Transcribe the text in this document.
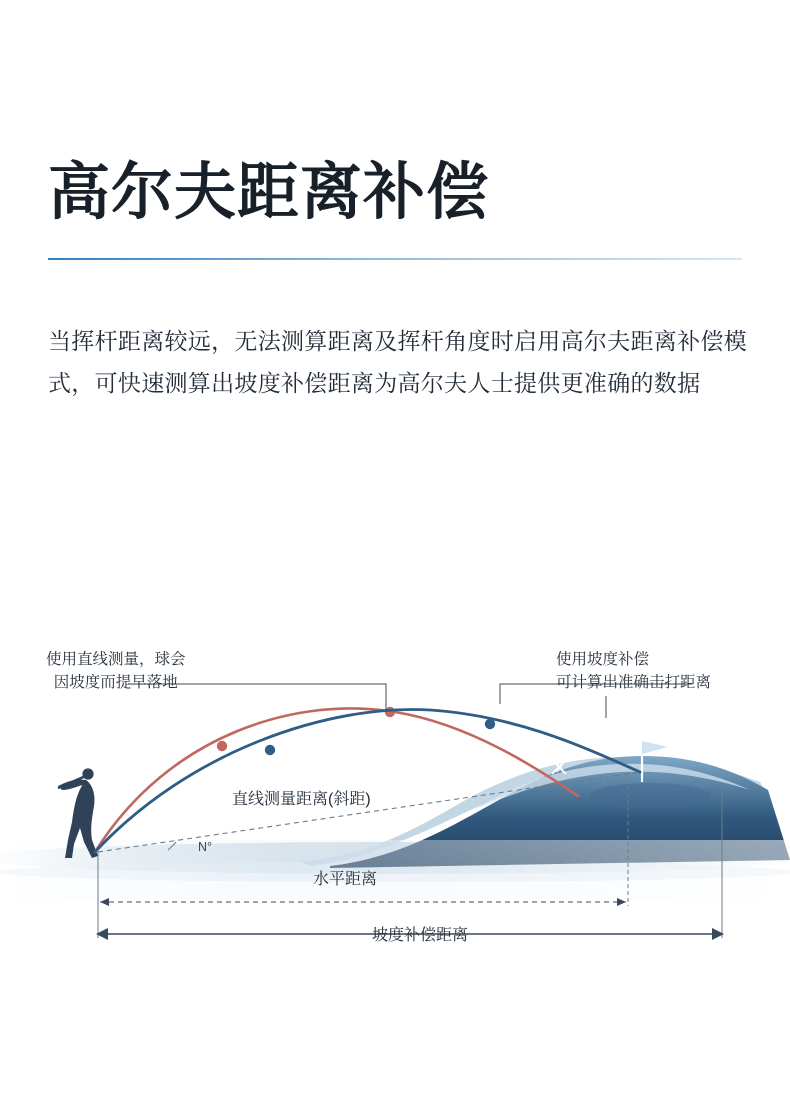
高尔夫距离补偿

当挥杆距离较远，无法测算距离及挥杆角度时启用高尔夫距离补偿模式，可快速测算出坡度补偿距离为高尔夫人士提供更准确的数据

使用直线测量，球会
因坡度而提早落地
使用坡度补偿
可计算出准确击打距离
直线测量距离(斜距)
水平距离
坡度补偿距离
N°
X
